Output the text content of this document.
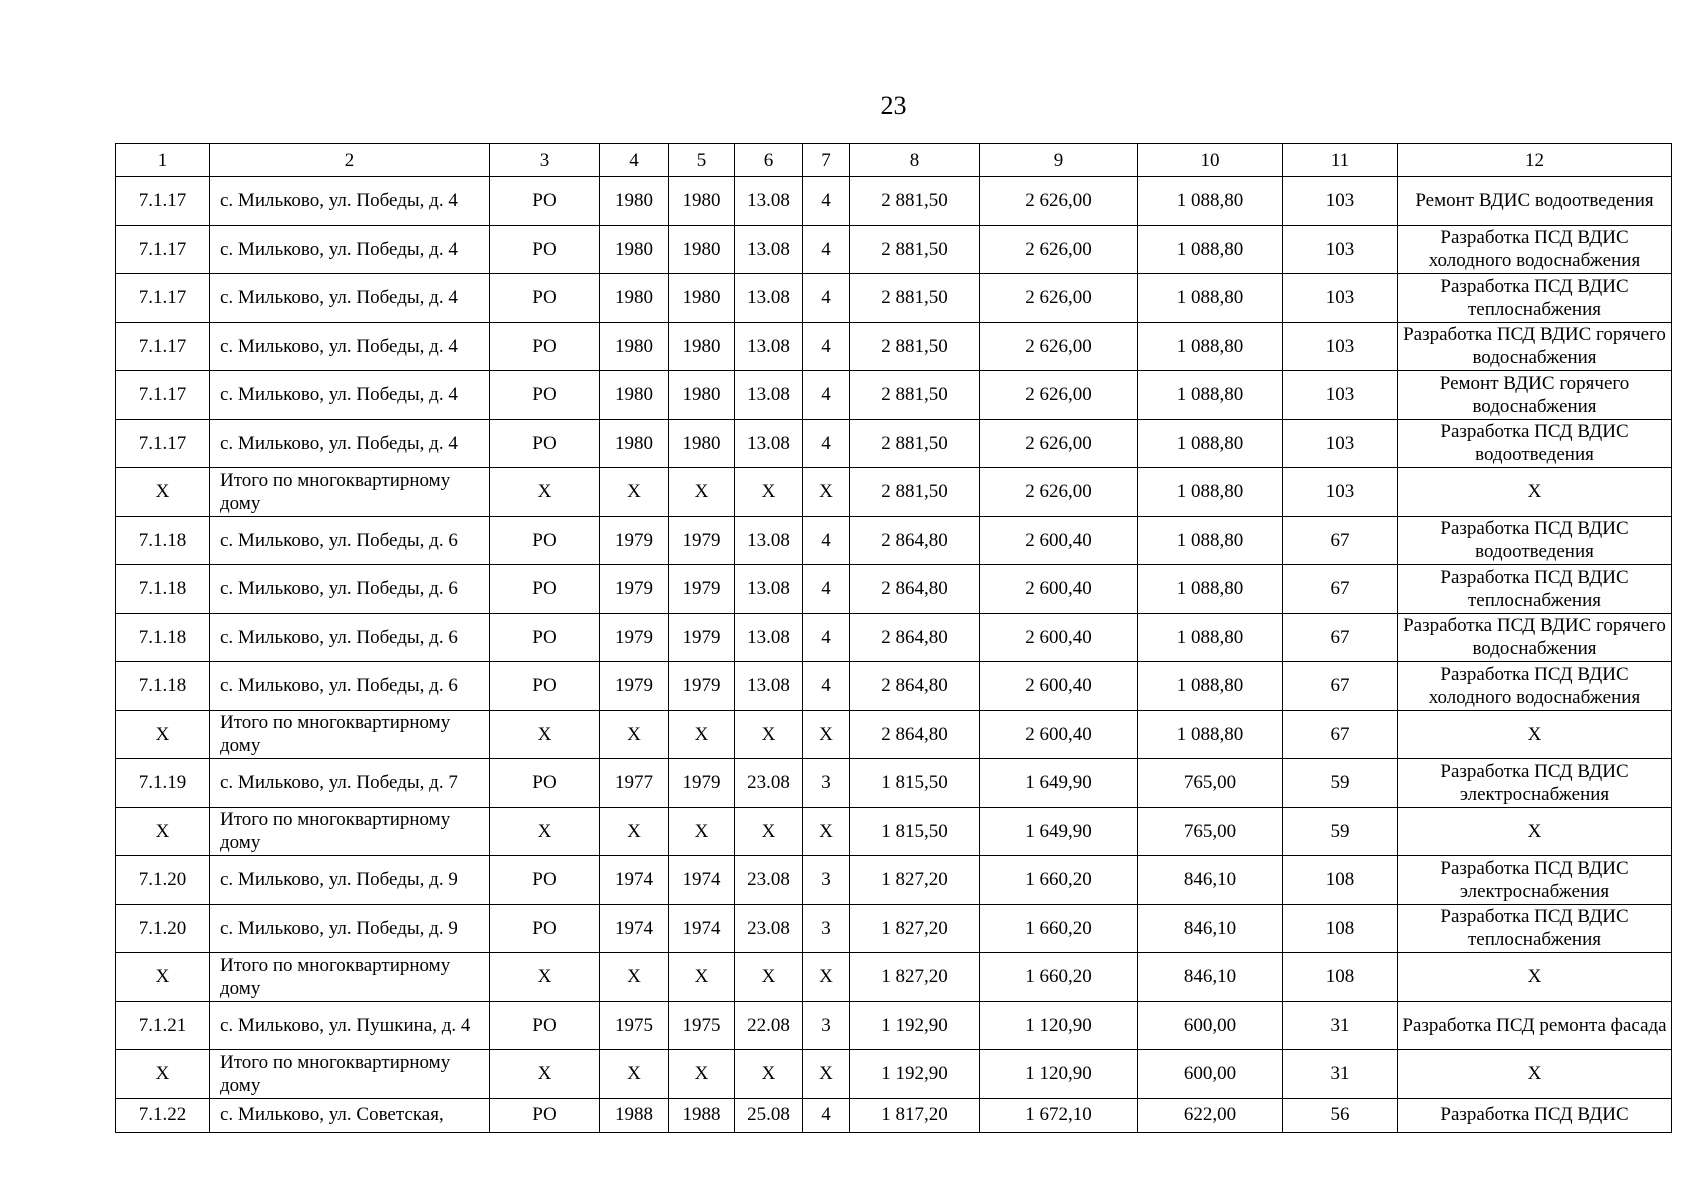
23
1	2	3	4	5	6	7	8	9	10	11	12
7.1.17	с. Мильково, ул. Победы, д. 4	РО	1980	1980	13.08	4	2 881,50	2 626,00	1 088,80	103	Ремонт ВДИС водоотведения
7.1.17	с. Мильково, ул. Победы, д. 4	РО	1980	1980	13.08	4	2 881,50	2 626,00	1 088,80	103	Разработка ПСД ВДИС холодного водоснабжения
7.1.17	с. Мильково, ул. Победы, д. 4	РО	1980	1980	13.08	4	2 881,50	2 626,00	1 088,80	103	Разработка ПСД ВДИС теплоснабжения
7.1.17	с. Мильково, ул. Победы, д. 4	РО	1980	1980	13.08	4	2 881,50	2 626,00	1 088,80	103	Разработка ПСД ВДИС горячего водоснабжения
7.1.17	с. Мильково, ул. Победы, д. 4	РО	1980	1980	13.08	4	2 881,50	2 626,00	1 088,80	103	Ремонт ВДИС горячего водоснабжения
7.1.17	с. Мильково, ул. Победы, д. 4	РО	1980	1980	13.08	4	2 881,50	2 626,00	1 088,80	103	Разработка ПСД ВДИС водоотведения
Х	Итого по многоквартирному дому	Х	Х	Х	Х	Х	2 881,50	2 626,00	1 088,80	103	Х
7.1.18	с. Мильково, ул. Победы, д. 6	РО	1979	1979	13.08	4	2 864,80	2 600,40	1 088,80	67	Разработка ПСД ВДИС водоотведения
7.1.18	с. Мильково, ул. Победы, д. 6	РО	1979	1979	13.08	4	2 864,80	2 600,40	1 088,80	67	Разработка ПСД ВДИС теплоснабжения
7.1.18	с. Мильково, ул. Победы, д. 6	РО	1979	1979	13.08	4	2 864,80	2 600,40	1 088,80	67	Разработка ПСД ВДИС горячего водоснабжения
7.1.18	с. Мильково, ул. Победы, д. 6	РО	1979	1979	13.08	4	2 864,80	2 600,40	1 088,80	67	Разработка ПСД ВДИС холодного водоснабжения
Х	Итого по многоквартирному дому	Х	Х	Х	Х	Х	2 864,80	2 600,40	1 088,80	67	Х
7.1.19	с. Мильково, ул. Победы, д. 7	РО	1977	1979	23.08	3	1 815,50	1 649,90	765,00	59	Разработка ПСД ВДИС электроснабжения
Х	Итого по многоквартирному дому	Х	Х	Х	Х	Х	1 815,50	1 649,90	765,00	59	Х
7.1.20	с. Мильково, ул. Победы, д. 9	РО	1974	1974	23.08	3	1 827,20	1 660,20	846,10	108	Разработка ПСД ВДИС электроснабжения
7.1.20	с. Мильково, ул. Победы, д. 9	РО	1974	1974	23.08	3	1 827,20	1 660,20	846,10	108	Разработка ПСД ВДИС теплоснабжения
Х	Итого по многоквартирному дому	Х	Х	Х	Х	Х	1 827,20	1 660,20	846,10	108	Х
7.1.21	с. Мильково, ул. Пушкина, д. 4	РО	1975	1975	22.08	3	1 192,90	1 120,90	600,00	31	Разработка ПСД ремонта фасада
Х	Итого по многоквартирному дому	Х	Х	Х	Х	Х	1 192,90	1 120,90	600,00	31	Х
7.1.22	с. Мильково, ул. Советская,	РО	1988	1988	25.08	4	1 817,20	1 672,10	622,00	56	Разработка ПСД ВДИС
